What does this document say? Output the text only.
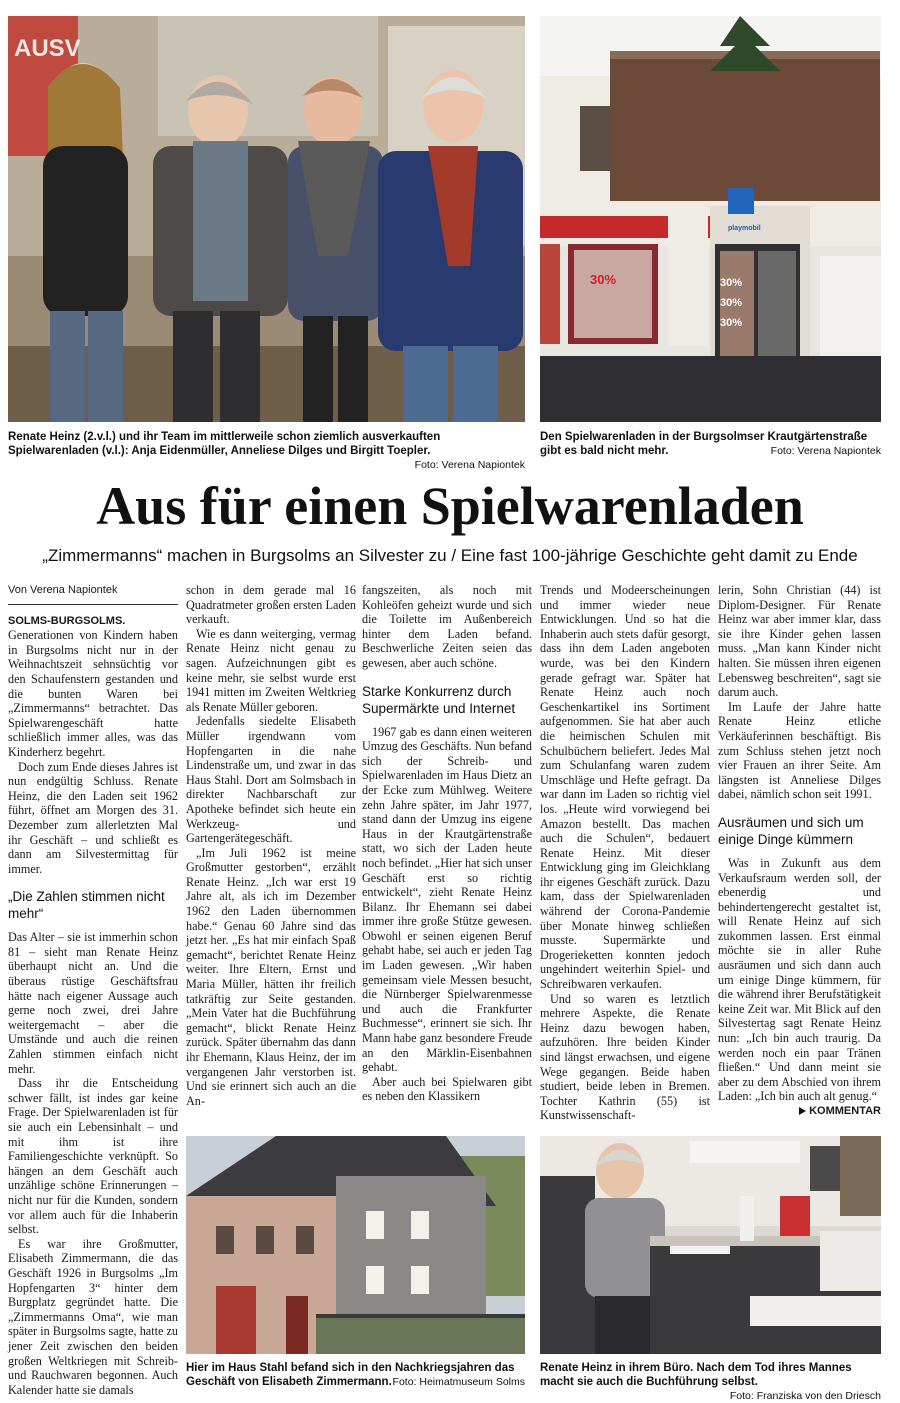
AUSV
30%
playmobil
30%
30%
30%
Renate Heinz (2.v.l.) und ihr Team im mittlerweile schon ziemlich ausverkauften Spielwarenladen (v.l.): Anja Eidenmüller, Anneliese Dilges und Birgitt Toepler.
Foto: Verena Napiontek
Den Spielwarenladen in der Burgsolmser Krautgärtenstraße gibt es bald nicht mehr.	Foto: Verena Napiontek
Aus für einen Spielwarenladen
„Zimmermanns“ machen in Burgsolms an Silvester zu / Eine fast 100-jährige Geschichte geht damit zu Ende
Von Verena Napiontek

SOLMS-BURGSOLMS. Generationen von Kindern haben in Burgsolms nicht nur in der Weihnachtszeit sehnsüchtig vor den Schaufenstern gestanden und die bunten Waren bei „Zimmermanns“ betrachtet. Das Spielwarengeschäft hatte schließlich immer alles, was das Kinderherz begehrt.

Doch zum Ende dieses Jahres ist nun endgültig Schluss. Renate Heinz, die den Laden seit 1962 führt, öffnet am Morgen des 31. Dezember zum allerletzten Mal ihr Geschäft – und schließt es dann am Silvestermittag für immer.

„Die Zahlen stimmen nicht mehr“

Das Alter – sie ist immerhin schon 81 – sieht man Renate Heinz überhaupt nicht an. Und die überaus rüstige Geschäftsfrau hätte nach eigener Aussage auch gerne noch zwei, drei Jahre weitergemacht – aber die Umstände und auch die reinen Zahlen stimmen einfach nicht mehr.

Dass ihr die Entscheidung schwer fällt, ist indes gar keine Frage. Der Spielwarenladen ist für sie auch ein Lebensinhalt – und mit ihm ist ihre Familiengeschichte verknüpft. So hängen an dem Geschäft auch unzählige schöne Erinnerungen – nicht nur für die Kunden, sondern vor allem auch für die Inhaberin selbst.

Es war ihre Großmutter, Elisabeth Zimmermann, die das Geschäft 1926 in Burgsolms „Im Hopfengarten 3“ hinter dem Burgplatz gegründet hatte. Die „Zimmermanns Oma“, wie man später in Burgsolms sagte, hatte zu jener Zeit zwischen den beiden großen Weltkriegen mit Schreib- und Rauchwaren begonnen. Auch Kalender hatte sie damals

schon in dem gerade mal 16 Quadratmeter großen ersten Laden verkauft.

Wie es dann weiterging, vermag Renate Heinz nicht genau zu sagen. Aufzeichnungen gibt es keine mehr, sie selbst wurde erst 1941 mitten im Zweiten Weltkrieg als Renate Müller geboren.

Jedenfalls siedelte Elisabeth Müller irgendwann vom Hopfengarten in die nahe Lindenstraße um, und zwar in das Haus Stahl. Dort am Solmsbach in direkter Nachbarschaft zur Apotheke befindet sich heute ein Werkzeug- und Gartengerätegeschäft.

„Im Juli 1962 ist meine Großmutter gestorben“, erzählt Renate Heinz. „Ich war erst 19 Jahre alt, als ich im Dezember 1962 den Laden übernommen habe.“ Genau 60 Jahre sind das jetzt her. „Es hat mir einfach Spaß gemacht“, berichtet Renate Heinz weiter. Ihre Eltern, Ernst und Maria Müller, hätten ihr freilich tatkräftig zur Seite gestanden. „Mein Vater hat die Buchführung gemacht“, blickt Renate Heinz zurück. Später übernahm das dann ihr Ehemann, Klaus Heinz, der im vergangenen Jahr verstorben ist. Und sie erinnert sich auch an die An-

fangszeiten, als noch mit Kohleöfen geheizt wurde und sich die Toilette im Außenbereich hinter dem Laden befand. Beschwerliche Zeiten seien das gewesen, aber auch schöne.

Starke Konkurrenz durch Supermärkte und Internet

1967 gab es dann einen weiteren Umzug des Geschäfts. Nun befand sich der Schreib- und Spielwarenladen im Haus Dietz an der Ecke zum Mühlweg. Weitere zehn Jahre später, im Jahr 1977, stand dann der Umzug ins eigene Haus in der Krautgärtenstraße statt, wo sich der Laden heute noch befindet. „Hier hat sich unser Geschäft erst so richtig entwickelt“, zieht Renate Heinz Bilanz. Ihr Ehemann sei dabei immer ihre große Stütze gewesen. Obwohl er seinen eigenen Beruf gehabt habe, sei auch er jeden Tag im Laden gewesen. „Wir haben gemeinsam viele Messen besucht, die Nürnberger Spielwarenmesse und auch die Frankfurter Buchmesse“, erinnert sie sich. Ihr Mann habe ganz besondere Freude an den Märklin-Eisenbahnen gehabt.

Aber auch bei Spielwaren gibt es neben den Klassikern

Trends und Modeerscheinungen und immer wieder neue Entwicklungen. Und so hat die Inhaberin auch stets dafür gesorgt, dass ihn dem Laden angeboten wurde, was bei den Kindern gerade gefragt war. Später hat Renate Heinz auch noch Geschenkartikel ins Sortiment aufgenommen. Sie hat aber auch die heimischen Schulen mit Schulbüchern beliefert. Jedes Mal zum Schulanfang waren zudem Umschläge und Hefte gefragt. Da war dann im Laden so richtig viel los. „Heute wird vorwiegend bei Amazon bestellt. Das machen auch die Schulen“, bedauert Renate Heinz. Mit dieser Entwicklung ging im Gleichklang ihr eigenes Geschäft zurück. Dazu kam, dass der Spielwarenladen während der Corona-Pandemie über Monate hinweg schließen musste. Supermärkte und Drogerieketten konnten jedoch ungehindert weiterhin Spiel- und Schreibwaren verkaufen.

Und so waren es letztlich mehrere Aspekte, die Renate Heinz dazu bewogen haben, aufzuhören. Ihre beiden Kinder sind längst erwachsen, und eigene Wege gegangen. Beide haben studiert, beide leben in Bremen. Tochter Kathrin (55) ist Kunstwissenschaft-

lerin, Sohn Christian (44) ist Diplom-Designer. Für Renate Heinz war aber immer klar, dass sie ihre Kinder gehen lassen muss. „Man kann Kinder nicht halten. Sie müssen ihren eigenen Lebensweg beschreiten“, sagt sie darum auch.

Im Laufe der Jahre hatte Renate Heinz etliche Verkäuferinnen beschäftigt. Bis zum Schluss stehen jetzt noch vier Frauen an ihrer Seite. Am längsten ist Anneliese Dilges dabei, nämlich schon seit 1991.

Ausräumen und sich um einige Dinge kümmern

Was in Zukunft aus dem Verkaufsraum werden soll, der ebenerdig und behindertengerecht gestaltet ist, will Renate Heinz auf sich zukommen lassen. Erst einmal möchte sie in aller Ruhe ausräumen und sich dann auch um einige Dinge kümmern, für die während ihrer Berufstätigkeit keine Zeit war. Mit Blick auf den Silvestertag sagt Renate Heinz nun: „Ich bin auch traurig. Da werden noch ein paar Tränen fließen.“ Und dann meint sie aber zu dem Abschied von ihrem Laden: „Ich bin auch alt genug.“

KOMMENTAR
Hier im Haus Stahl befand sich in den Nachkriegsjahren das Geschäft von Elisabeth Zimmermann. Foto: Heimatmuseum Solms
Renate Heinz in ihrem Büro. Nach dem Tod ihres Mannes macht sie auch die Buchführung selbst.
Foto: Franziska von den Driesch
